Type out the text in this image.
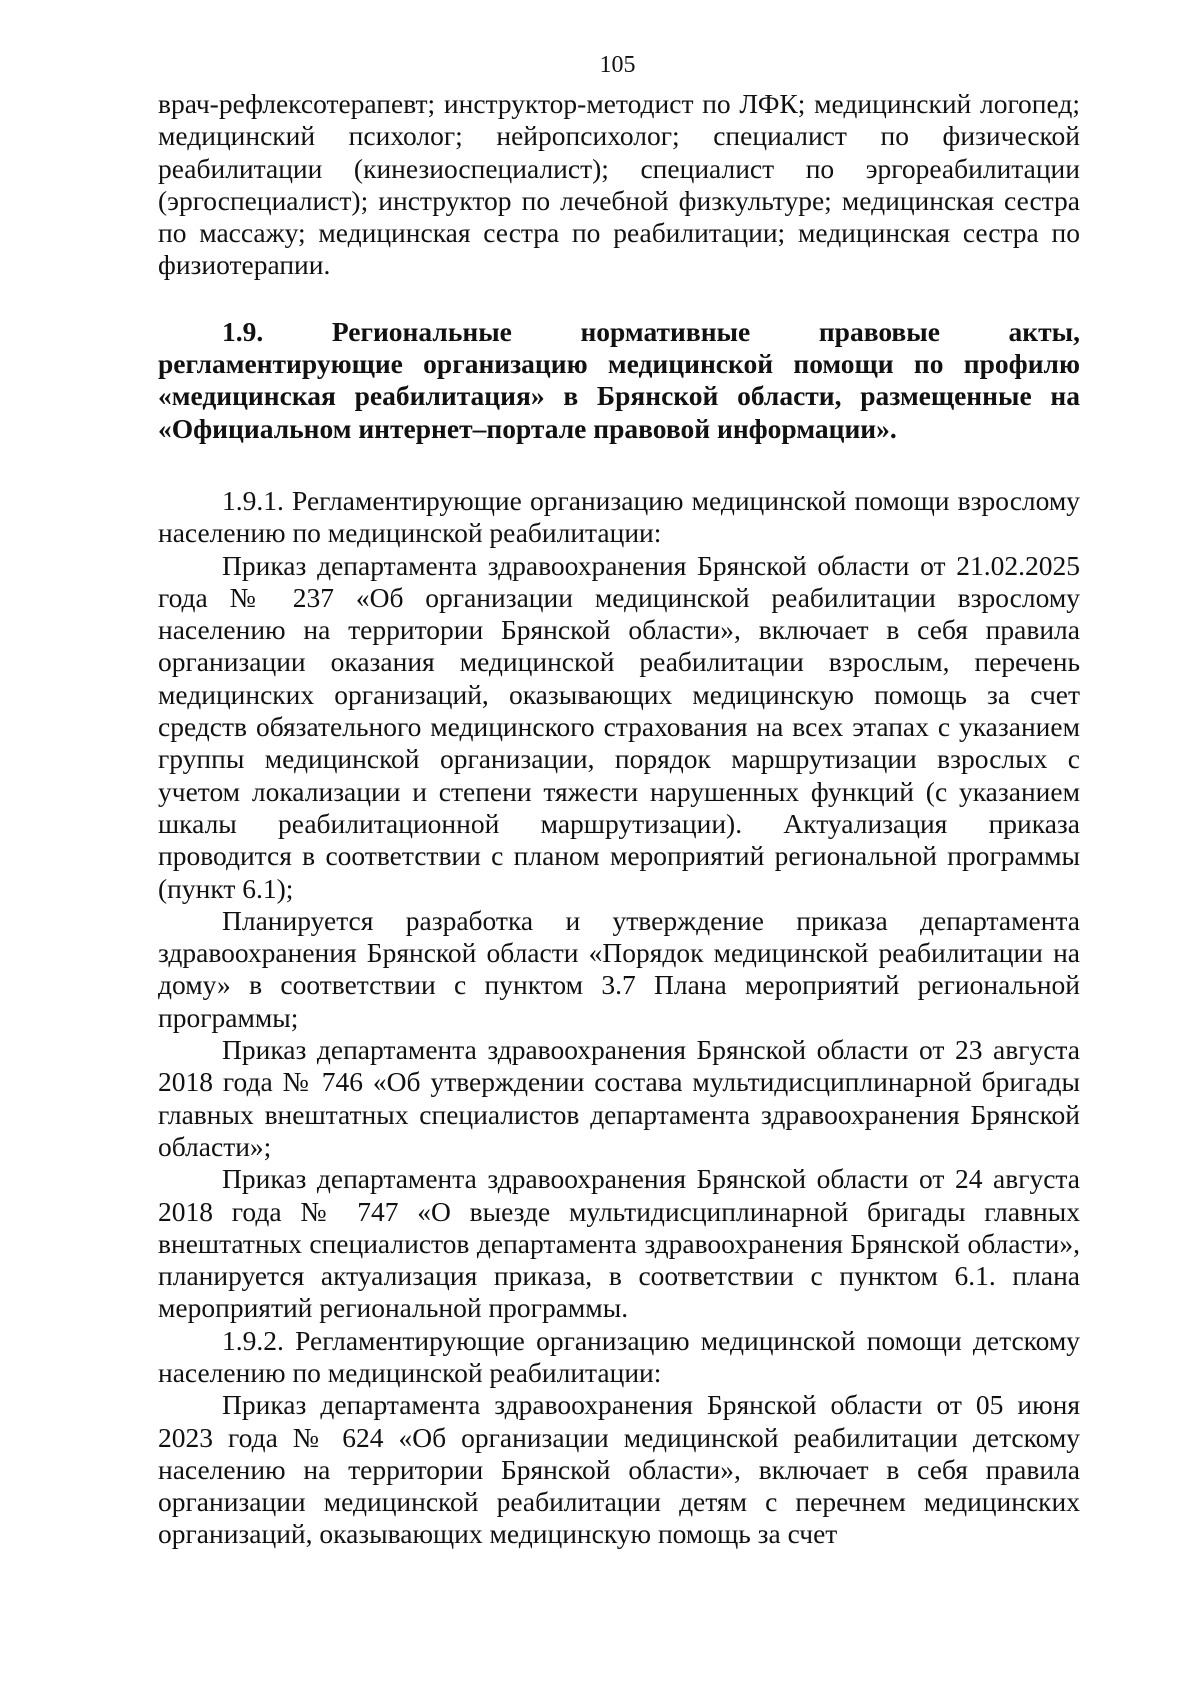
105

врач-рефлексотерапевт; инструктор-методист по ЛФК; медицинский логопед; медицинский психолог; нейропсихолог; специалист по физической реабилитации (кинезиоспециалист); специалист по эргореабилитации (эргоспециалист); инструктор по лечебной физкультуре; медицинская сестра по массажу; медицинская сестра по реабилитации; медицинская сестра по физиотерапии.

1.9. Региональные нормативные правовые акты, регламентирующие организацию медицинской помощи по профилю «медицинская реабилитация» в Брянской области, размещенные на «Официальном интернет–портале правовой информации».

1.9.1. Регламентирующие организацию медицинской помощи взрослому населению по медицинской реабилитации:

Приказ департамента здравоохранения Брянской области от 21.02.2025 года № 237 «Об организации медицинской реабилитации взрослому населению на территории Брянской области», включает в себя правила организации оказания медицинской реабилитации взрослым, перечень медицинских организаций, оказывающих медицинскую помощь за счет средств обязательного медицинского страхования на всех этапах с указанием группы медицинской организации, порядок маршрутизации взрослых с учетом локализации и степени тяжести нарушенных функций (с указанием шкалы реабилитационной маршрутизации). Актуализация приказа проводится в соответствии с планом мероприятий региональной программы (пункт 6.1);

Планируется разработка и утверждение приказа департамента здравоохранения Брянской области «Порядок медицинской реабилитации на дому» в соответствии с пунктом 3.7 Плана мероприятий региональной программы;

Приказ департамента здравоохранения Брянской области от 23 августа 2018 года № 746 «Об утверждении состава мультидисциплинарной бригады главных внештатных специалистов департамента здравоохранения Брянской области»;

Приказ департамента здравоохранения Брянской области от 24 августа 2018 года № 747 «О выезде мультидисциплинарной бригады главных внештатных специалистов департамента здравоохранения Брянской области», планируется актуализация приказа, в соответствии с пунктом 6.1. плана мероприятий региональной программы.

1.9.2. Регламентирующие организацию медицинской помощи детскому населению по медицинской реабилитации:

Приказ департамента здравоохранения Брянской области от 05 июня 2023 года № 624 «Об организации медицинской реабилитации детскому населению на территории Брянской области», включает в себя правила организации медицинской реабилитации детям с перечнем медицинских организаций, оказывающих медицинскую помощь за счет
